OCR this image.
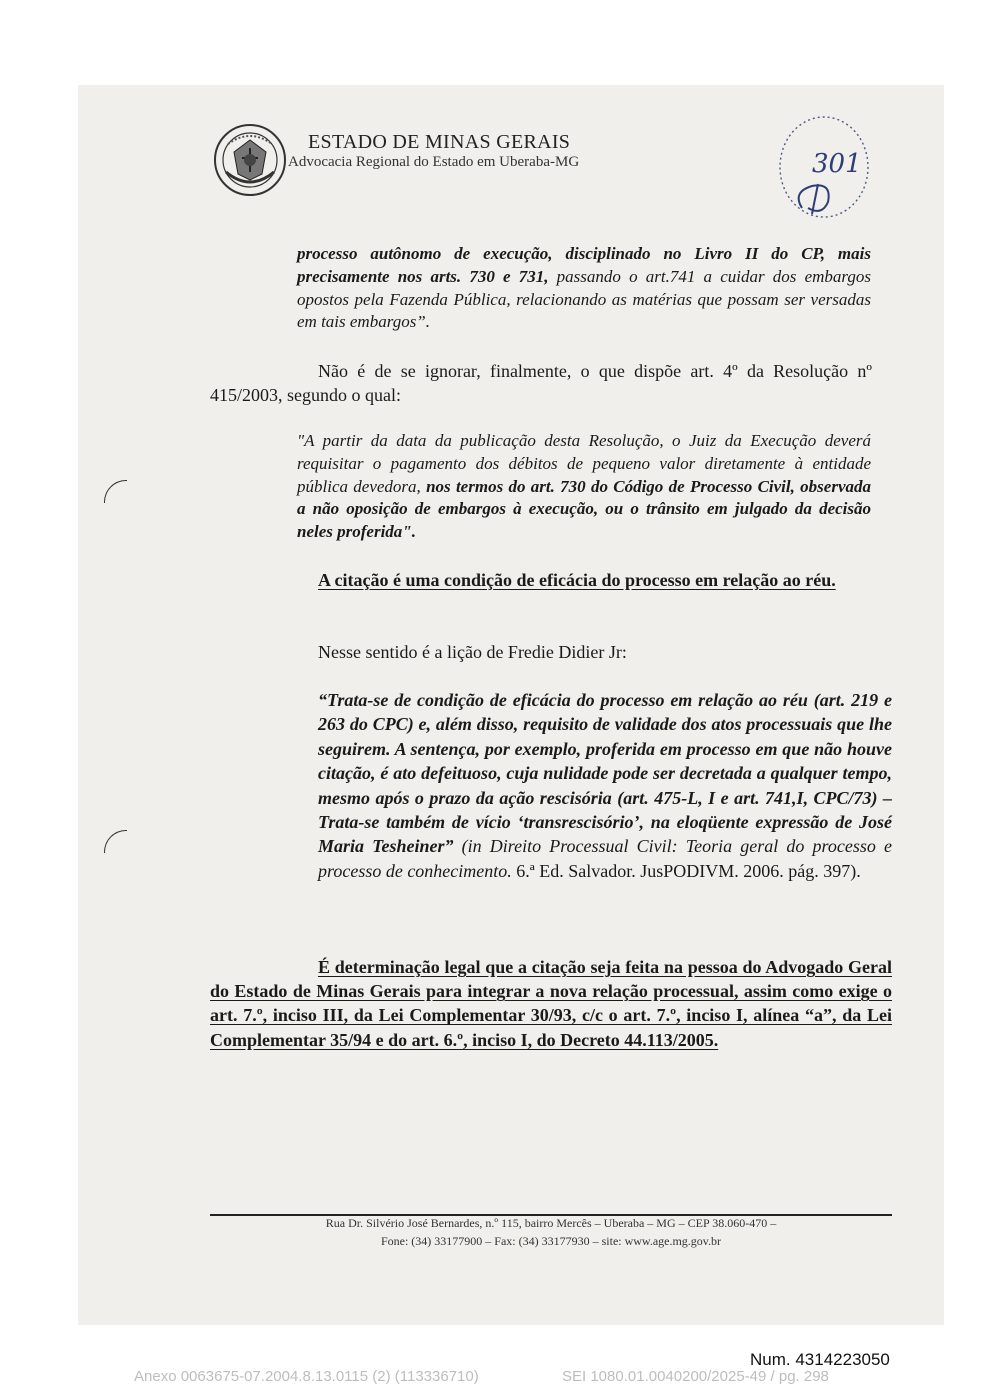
ESTADO DE MINAS GERAIS
Advocacia Regional do Estado em Uberaba-MG	301
processo autônomo de execução, disciplinado no Livro II do CP, mais precisamente nos arts. 730 e 731, passando o art.741 a cuidar dos embargos opostos pela Fazenda Pública, relacionando as matérias que possam ser versadas em tais embargos”.
Não é de se ignorar, finalmente, o que dispõe art. 4º da Resolução nº 415/2003, segundo o qual:
"A partir da data da publicação desta Resolução, o Juiz da Execução deverá requisitar o pagamento dos débitos de pequeno valor diretamente à entidade pública devedora, nos termos do art. 730 do Código de Processo Civil, observada a não oposição de embargos à execução, ou o trânsito em julgado da decisão neles proferida".
A citação é uma condição de eficácia do processo em relação ao réu.
Nesse sentido é a lição de Fredie Didier Jr:
“Trata-se de condição de eficácia do processo em relação ao réu (art. 219 e 263 do CPC) e, além disso, requisito de validade dos atos processuais que lhe seguirem. A sentença, por exemplo, proferida em processo em que não houve citação, é ato defeituoso, cuja nulidade pode ser decretada a qualquer tempo, mesmo após o prazo da ação rescisória (art. 475-L, I e art. 741,I, CPC/73) – Trata-se também de vício ‘transrescisório’, na eloqüente expressão de José Maria Tesheiner” (in Direito Processual Civil: Teoria geral do processo e processo de conhecimento. 6.ª Ed. Salvador. JusPODIVM. 2006. pág. 397).
É determinação legal que a citação seja feita na pessoa do Advogado Geral do Estado de Minas Gerais para integrar a nova relação processual, assim como exige o art. 7.º, inciso III, da Lei Complementar 30/93, c/c o art. 7.º, inciso I, alínea “a”, da Lei Complementar 35/94 e do art. 6.º, inciso I, do Decreto 44.113/2005.
Rua Dr. Silvério José Bernardes, n.º 115, bairro Mercês – Uberaba – MG – CEP 38.060-470 –
Fone: (34) 33177900 – Fax: (34) 33177930 – site: www.age.mg.gov.br
Num. 4314223050
Anexo 0063675-07.2004.8.13.0115 (2) (113336710)	SEI 1080.01.0040200/2025-49 / pg. 298
